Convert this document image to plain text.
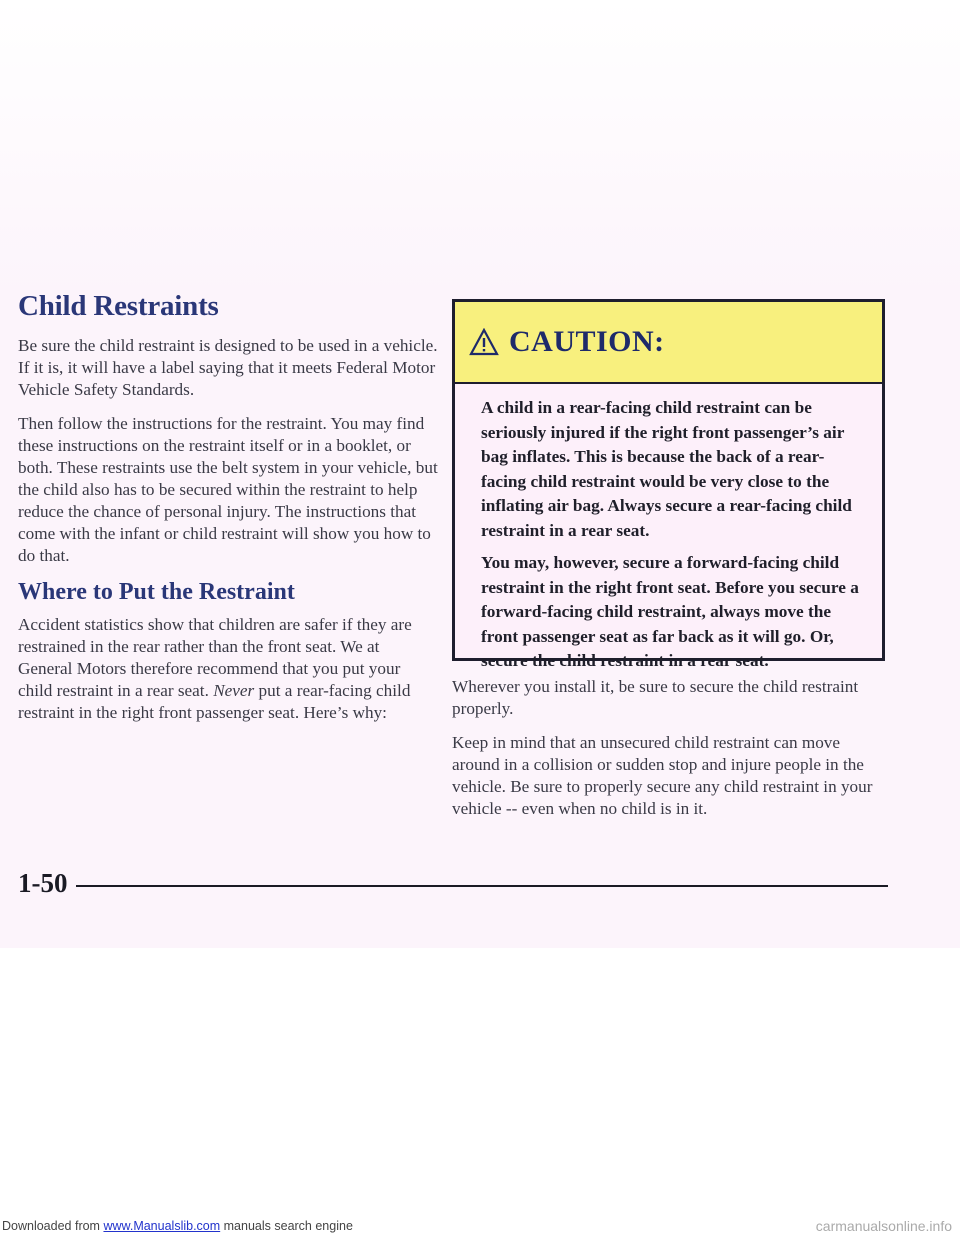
Child Restraints

Be sure the child restraint is designed to be used in a vehicle. If it is, it will have a label saying that it meets Federal Motor Vehicle Safety Standards.

Then follow the instructions for the restraint. You may find these instructions on the restraint itself or in a booklet, or both. These restraints use the belt system in your vehicle, but the child also has to be secured within the restraint to help reduce the chance of personal injury. The instructions that come with the infant or child restraint will show you how to do that.

Where to Put the Restraint

Accident statistics show that children are safer if they are restrained in the rear rather than the front seat. We at General Motors therefore recommend that you put your child restraint in a rear seat. Never put a rear-facing child restraint in the right front passenger seat. Here’s why:

CAUTION:

A child in a rear-facing child restraint can be seriously injured if the right front passenger’s air bag inflates. This is because the back of a rear-facing child restraint would be very close to the inflating air bag. Always secure a rear-facing child restraint in a rear seat.

You may, however, secure a forward-facing child restraint in the right front seat. Before you secure a forward-facing child restraint, always move the front passenger seat as far back as it will go. Or, secure the child restraint in a rear seat.

Wherever you install it, be sure to secure the child restraint properly.

Keep in mind that an unsecured child restraint can move around in a collision or sudden stop and injure people in the vehicle. Be sure to properly secure any child restraint in your vehicle -- even when no child is in it.

1-50
Downloaded from www.Manualslib.com manuals search engine	carmanualsonline.info
